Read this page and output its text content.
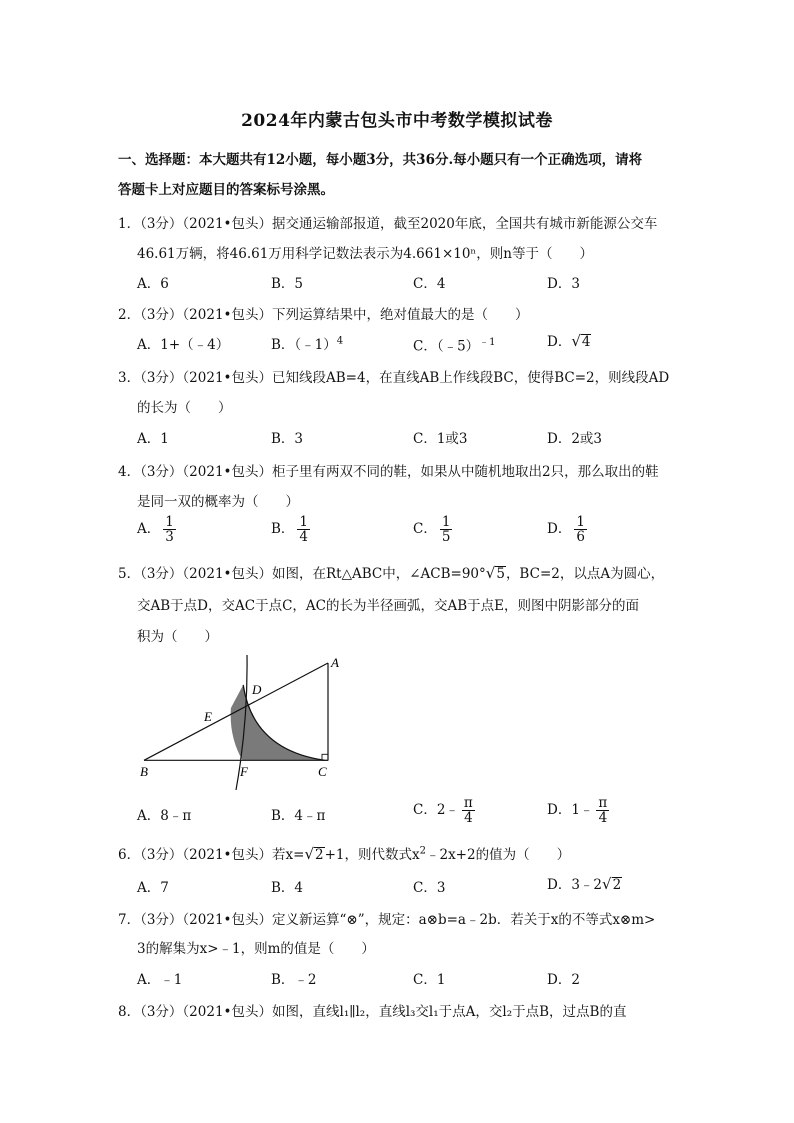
2024年内蒙古包头市中考数学模拟试卷
一、选择题：本大题共有12小题，每小题3分，共36分.每小题只有一个正确选项，请将
答题卡上对应题目的答案标号涂黑。
1．（3分）（2021•包头）据交通运输部报道，截至2020年底，全国共有城市新能源公交车
46.61万辆，将46.61万用科学记数法表示为4.661×10ⁿ，则n等于（　　）
A．6	B．5	C．4	D．3
2．（3分）（2021•包头）下列运算结果中，绝对值最大的是（　　）
A．1+（﹣4）	B．（﹣1）$^4$	C．（﹣5）$^{﹣1}$	D． √ 4
3．（3分）（2021•包头）已知线段AB=4，在直线AB上作线段BC，使得BC=2，则线段AD
的长为（　　）
A．1	B．3	C．1或3	D．2或3
4．（3分）（2021•包头）柜子里有两双不同的鞋，如果从中随机地取出2只，那么取出的鞋
是同一双的概率为（　　）
A． $\frac{1}{3}$	B． $\frac{1}{4}$	C． $\frac{1}{5}$	D． $\frac{1}{6}$
5．（3分）（2021•包头）如图，在Rt△ABC中，∠ACB=90° √ 5 ，BC=2，以点A为圆心，
交AB于点D，交AC于点C，AC的长为半径画弧，交AB于点E，则图中阴影部分的面
积为（　　）
A
B	C
D
E
F
A．8﹣π	B．4﹣π	C．2﹣ $\frac{\pi}{4}$	D．1﹣ $\frac{\pi}{4}$
6．（3分）（2021•包头）若x= √ 2 +1，则代数式$x^2﹣2x+2$的值为（　　）
A．7	B．4	C．3	D．3﹣2 √ 2
7．（3分）（2021•包头）定义新运算“⊗”，规定：a⊗b=a﹣2b．若关于x的不等式x⊗m>
3的解集为x>﹣1，则m的值是（　　）
A．﹣1	B．﹣2	C．1	D．2
8．（3分）（2021•包头）如图，直线l₁∥l₂，直线l₃交l₁于点A，交l₂于点B，过点B的直
